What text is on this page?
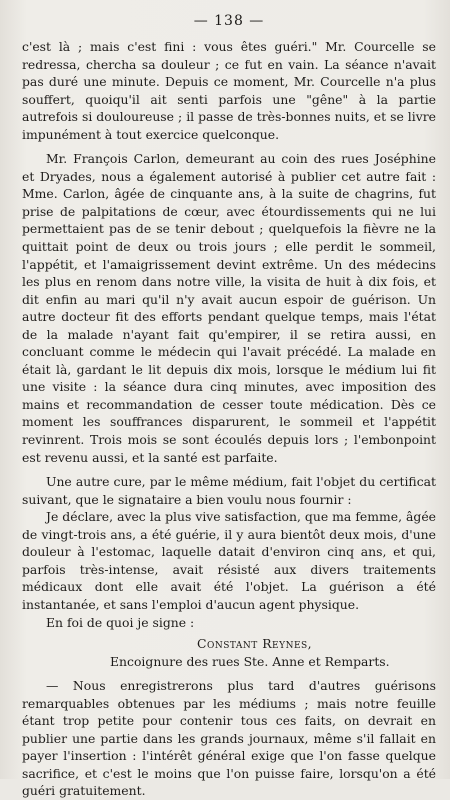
— 138 —

c'est là ; mais c'est fini : vous êtes guéri." Mr. Courcelle se redressa, chercha sa douleur ; ce fut en vain. La séance n'avait pas duré une minute. Depuis ce moment, Mr. Courcelle n'a plus souffert, quoiqu'il ait senti parfois une "gêne" à la partie autrefois si douloureuse ; il passe de très-bonnes nuits, et se livre impunément à tout exercice quelconque.

Mr. François Carlon, demeurant au coin des rues Joséphine et Dryades, nous a également autorisé à publier cet autre fait : Mme. Carlon, âgée de cinquante ans, à la suite de chagrins, fut prise de palpitations de cœur, avec étourdissements qui ne lui permettaient pas de se tenir debout ; quelquefois la fièvre ne la quittait point de deux ou trois jours ; elle perdit le sommeil, l'appétit, et l'amaigrissement devint extrême. Un des médecins les plus en renom dans notre ville, la visita de huit à dix fois, et dit enfin au mari qu'il n'y avait aucun espoir de guérison. Un autre docteur fit des efforts pendant quelque temps, mais l'état de la malade n'ayant fait qu'empirer, il se retira aussi, en concluant comme le médecin qui l'avait précédé. La malade en était là, gardant le lit depuis dix mois, lorsque le médium lui fit une visite : la séance dura cinq minutes, avec imposition des mains et recommandation de cesser toute médication. Dès ce moment les souffrances disparurent, le sommeil et l'appétit revinrent. Trois mois se sont écoulés depuis lors ; l'embonpoint est revenu aussi, et la santé est parfaite.

Une autre cure, par le même médium, fait l'objet du certificat suivant, que le signataire a bien voulu nous fournir :

Je déclare, avec la plus vive satisfaction, que ma femme, âgée de vingt-trois ans, a été guérie, il y aura bientôt deux mois, d'une douleur à l'estomac, laquelle datait d'environ cinq ans, et qui, parfois très-intense, avait résisté aux divers traitements médicaux dont elle avait été l'objet. La guérison a été instantanée, et sans l'emploi d'aucun agent physique.

En foi de quoi je signe :

Constant Reynes,

Encoignure des rues Ste. Anne et Remparts.

— Nous enregistrerons plus tard d'autres guérisons remarquables obtenues par les médiums ; mais notre feuille étant trop petite pour contenir tous ces faits, on devrait en publier une partie dans les grands journaux, même s'il fallait en payer l'insertion : l'intérêt général exige que l'on fasse quelque sacrifice, et c'est le moins que l'on puisse faire, lorsqu'on a été guéri gratuitement.
